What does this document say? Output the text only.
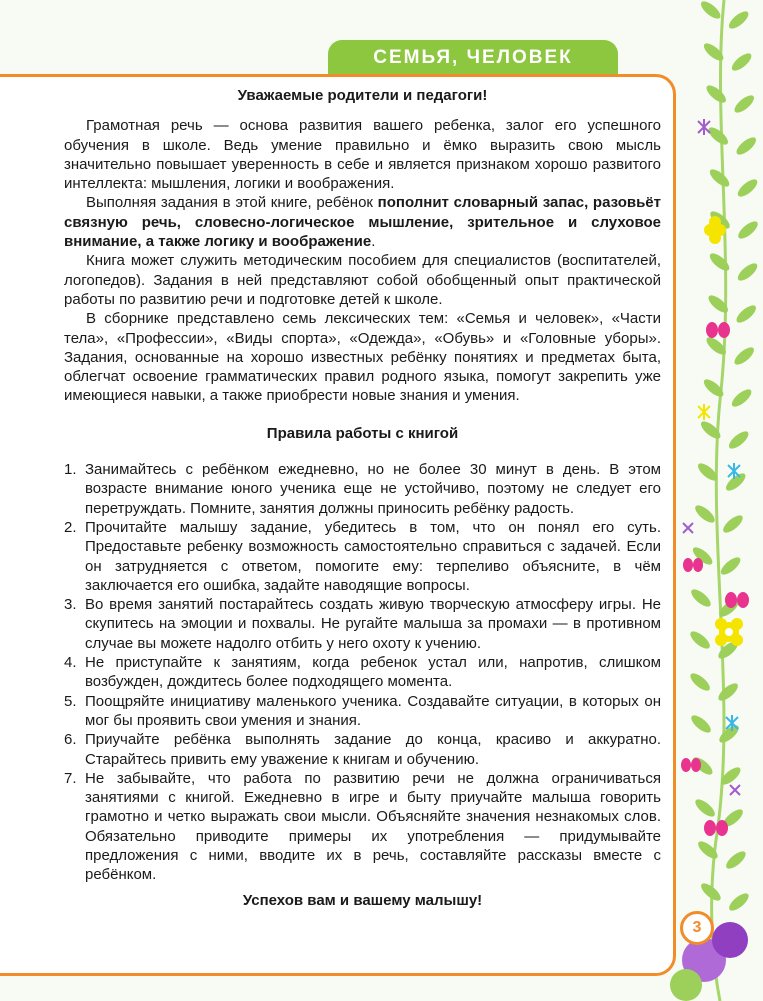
СЕМЬЯ, ЧЕЛОВЕК

Уважаемые родители и педагоги!

Грамотная речь — основа развития вашего ребенка, залог его успешного обучения в школе. Ведь умение правильно и ёмко выразить свою мысль значительно повышает уверенность в себе и является признаком хорошо развитого интеллекта: мышления, логики и воображения.

Выполняя задания в этой книге, ребёнок пополнит словарный запас, разовьёт связную речь, словесно-логическое мышление, зрительное и слуховое внимание, а также логику и воображение.

Книга может служить методическим пособием для специалистов (воспитателей, логопедов). Задания в ней представляют собой обобщенный опыт практической работы по развитию речи и подготовке детей к школе.

В сборнике представлено семь лексических тем: «Семья и человек», «Части тела», «Профессии», «Виды спорта», «Одежда», «Обувь» и «Головные уборы». Задания, основанные на хорошо известных ребёнку понятиях и предметах быта, облегчат освоение грамматических правил родного языка, помогут закрепить уже имеющиеся навыки, а также приобрести новые знания и умения.

Правила работы с книгой

1. Занимайтесь с ребёнком ежедневно, но не более 30 минут в день. В этом возрасте внимание юного ученика еще не устойчиво, поэтому не следует его перетруждать. Помните, занятия должны приносить ребёнку радость.
2. Прочитайте малышу задание, убедитесь в том, что он понял его суть. Предоставьте ребенку возможность самостоятельно справиться с задачей. Если он затрудняется с ответом, помогите ему: терпеливо объясните, в чём заключается его ошибка, задайте наводящие вопросы.
3. Во время занятий постарайтесь создать живую творческую атмосферу игры. Не скупитесь на эмоции и похвалы. Не ругайте малыша за промахи — в противном случае вы можете надолго отбить у него охоту к учению.
4. Не приступайте к занятиям, когда ребенок устал или, напротив, слишком возбужден, дождитесь более подходящего момента.
5. Поощряйте инициативу маленького ученика. Создавайте ситуации, в которых он мог бы проявить свои умения и знания.
6. Приучайте ребёнка выполнять задание до конца, красиво и аккуратно. Старайтесь привить ему уважение к книгам и обучению.
7. Не забывайте, что работа по развитию речи не должна ограничиваться занятиями с книгой. Ежедневно в игре и быту приучайте малыша говорить грамотно и четко выражать свои мысли. Объясняйте значения незнакомых слов. Обязательно приводите примеры их употребления — придумывайте предложения с ними, вводите их в речь, составляйте рассказы вместе с ребёнком.

Успехов вам и вашему малышу!

3
